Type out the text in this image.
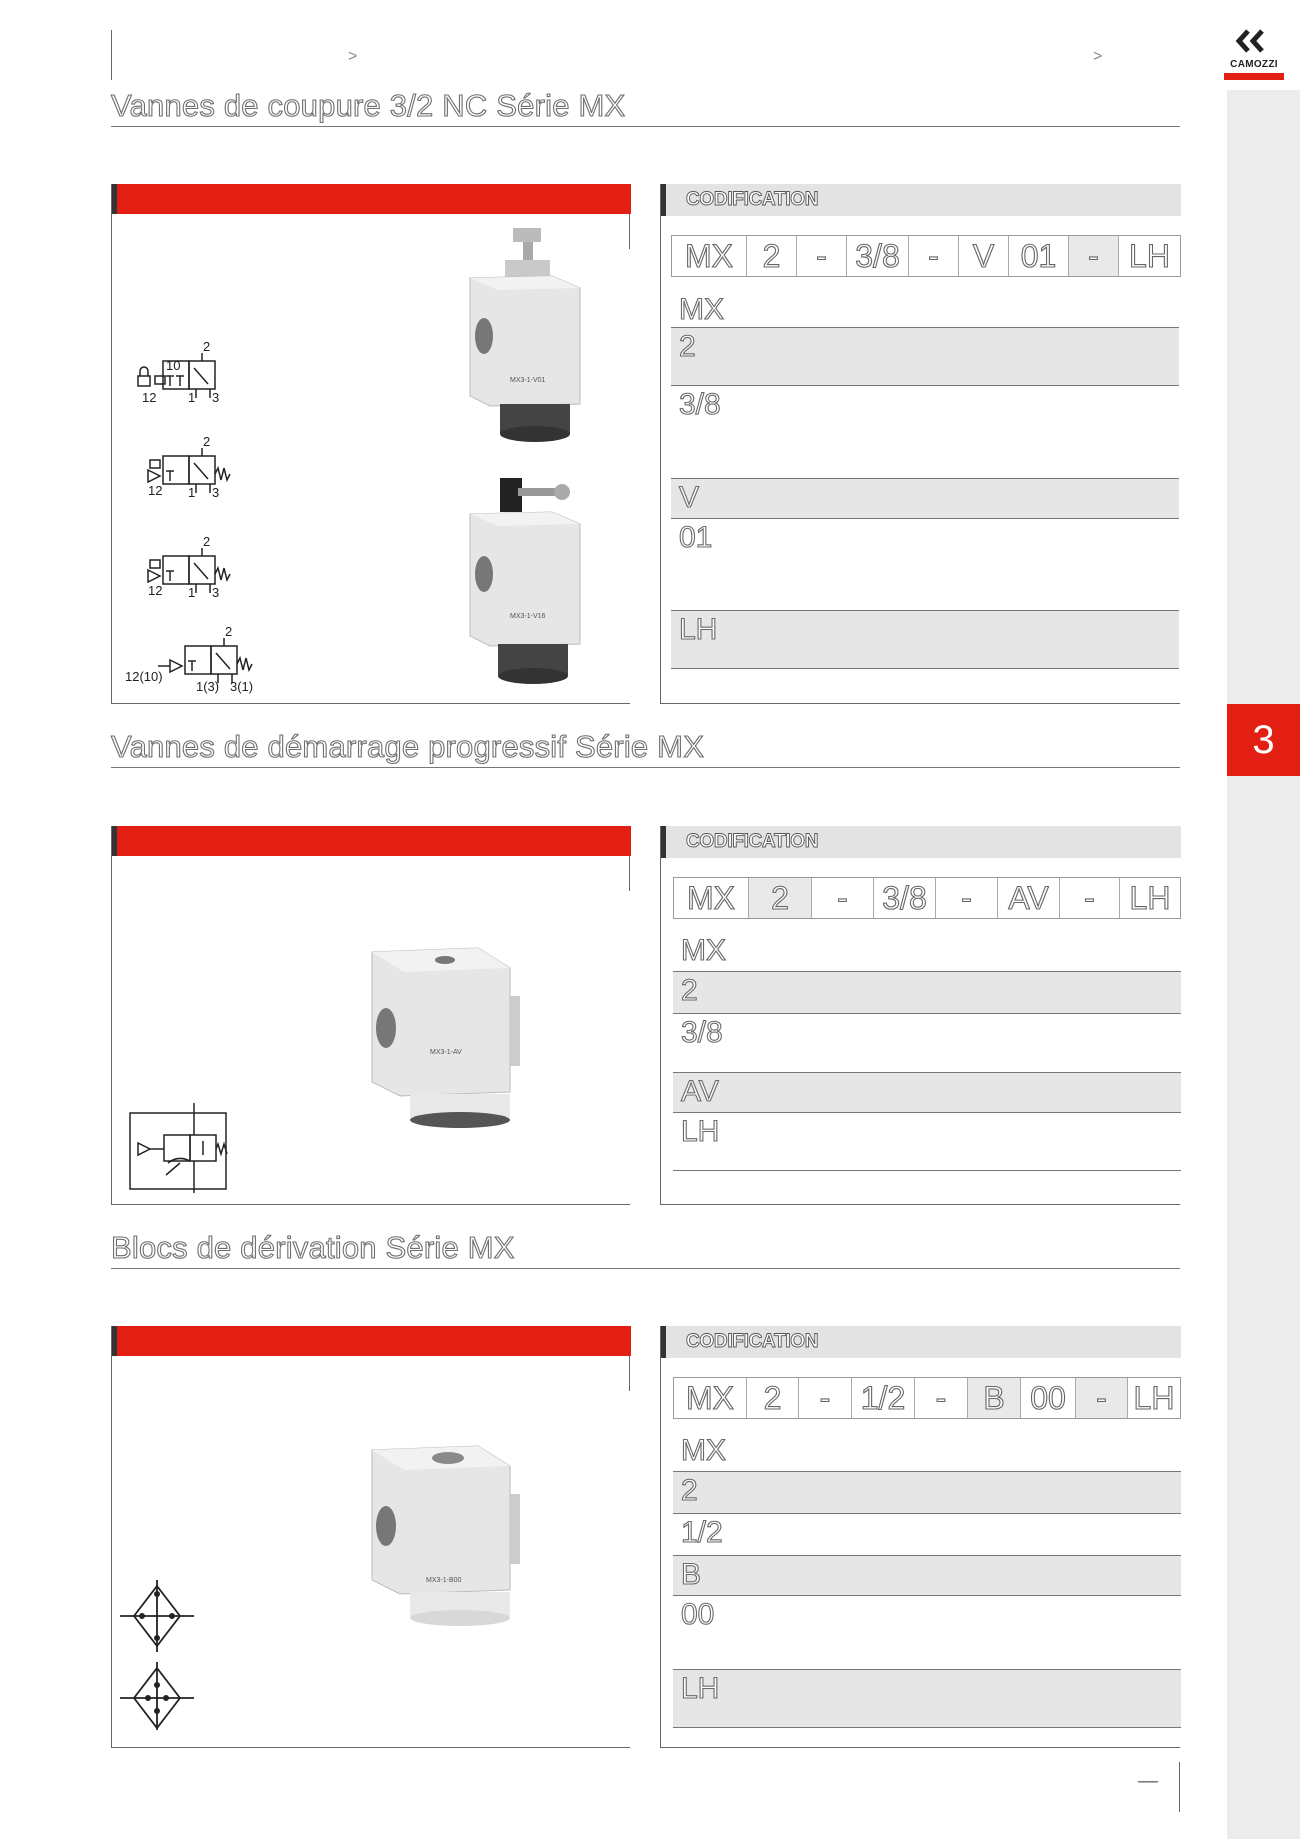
>	>	CAMOZZI
3
Vannes de coupure 3/2 NC Série MX
2
10
12 1 3
2
12 1 3
2
12 1 3
2
12(10)
1(3) 3(1)
MX3-1-V01
MX3-1-V16
CODIFICATION
MX 2	- 3/8 -	V 01 - LH
MX
2
3/8
V
01
LH
Vannes de démarrage progressif Série MX
MX3-1-AV
CODIFICATION
MX	2	-	3/8	-	AV	-	LH
MX
2
3/8
AV
LH
Blocs de dérivation Série MX
MX3-1-B00
CODIFICATION
MX 2	- 1/2 -	B 00 - LH
MX
2
1/2
B
00
LH
—
